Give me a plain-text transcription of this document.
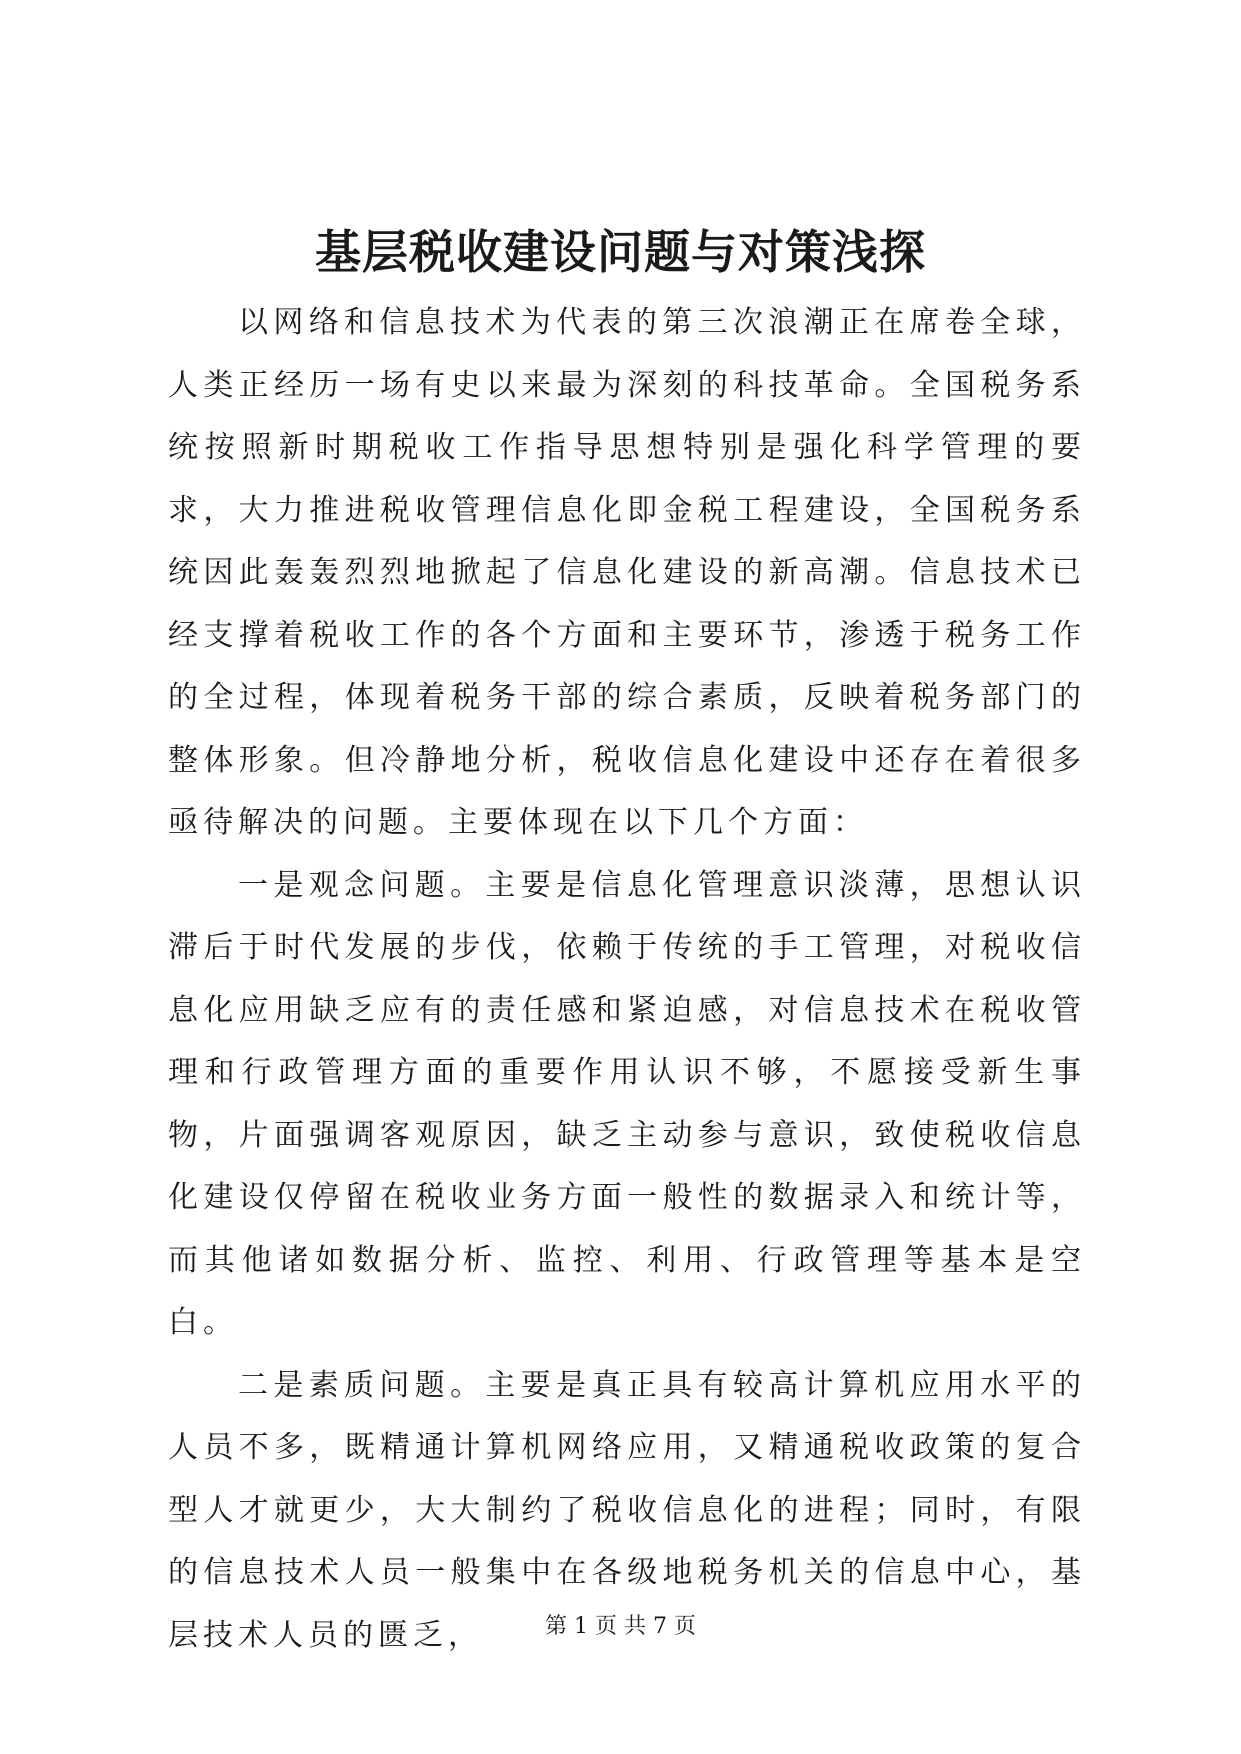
基层税收建设问题与对策浅探

以网络和信息技术为代表的第三次浪潮正在席卷全球，人类正经历一场有史以来最为深刻的科技革命。全国税务系统按照新时期税收工作指导思想特别是强化科学管理的要求，大力推进税收管理信息化即金税工程建设，全国税务系统因此轰轰烈烈地掀起了信息化建设的新高潮。信息技术已经支撑着税收工作的各个方面和主要环节，渗透于税务工作的全过程，体现着税务干部的综合素质，反映着税务部门的整体形象。但冷静地分析，税收信息化建设中还存在着很多亟待解决的问题。主要体现在以下几个方面：

一是观念问题。主要是信息化管理意识淡薄，思想认识滞后于时代发展的步伐，依赖于传统的手工管理，对税收信息化应用缺乏应有的责任感和紧迫感，对信息技术在税收管理和行政管理方面的重要作用认识不够，不愿接受新生事物，片面强调客观原因，缺乏主动参与意识，致使税收信息化建设仅停留在税收业务方面一般性的数据录入和统计等，而其他诸如数据分析、监控、利用、行政管理等基本是空白。

二是素质问题。主要是真正具有较高计算机应用水平的人员不多，既精通计算机网络应用，又精通税收政策的复合型人才就更少，大大制约了税收信息化的进程；同时，有限的信息技术人员一般集中在各级地税务机关的信息中心，基层技术人员的匮乏，	第 1 页 共 7 页
